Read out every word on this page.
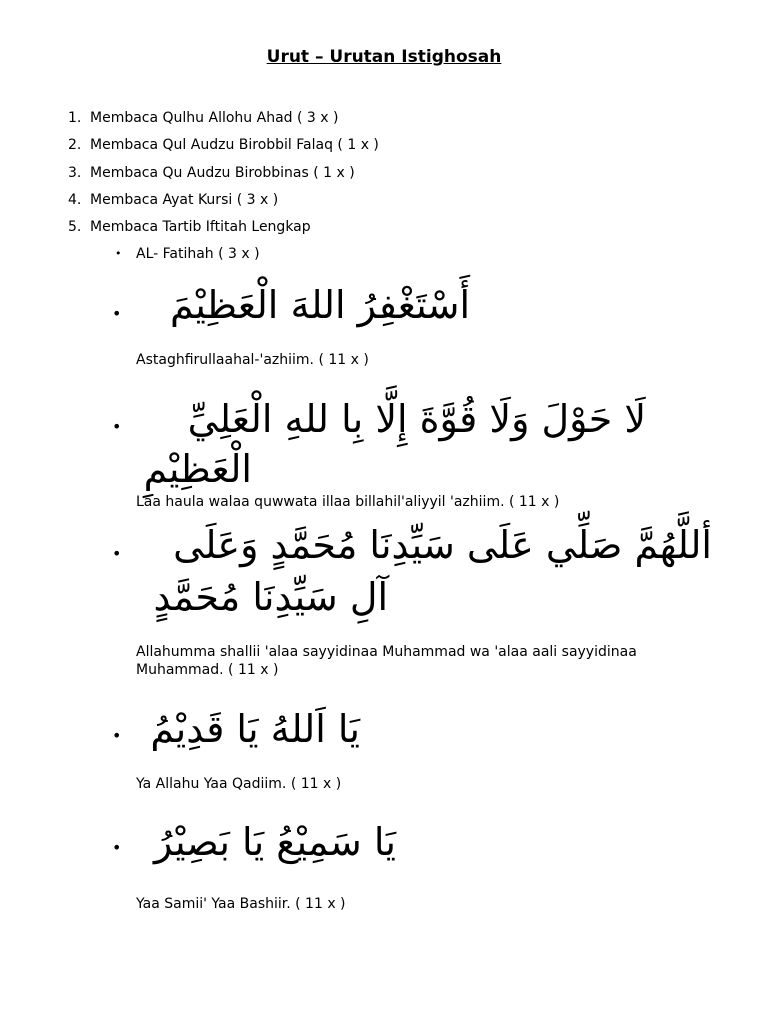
Urut – Urutan Istighosah
1. Membaca Qulhu Allohu Ahad ( 3 x )
2. Membaca Qul Audzu Birobbil Falaq ( 1 x )
3. Membaca Qu Audzu Birobbinas ( 1 x )
4. Membaca Ayat Kursi ( 3 x )
5. Membaca Tartib Iftitah Lengkap
• AL- Fatihah ( 3 x )
• أَسْتَغْفِرُ اللهَ الْعَظِيْمَ
Astaghfirullaahal-'azhiim. ( 11 x )
• لَا حَوْلَ وَلَا قُوَّةَ إِلَّا بِا للهِ الْعَلِيِّ
الْعَظِيْمِ
Laa haula walaa quwwata illaa billahil'aliyyil 'azhiim. ( 11 x )
• أللَّهُمَّ صَلِّي عَلَى سَيِّدِنَا مُحَمَّدٍ وَعَلَى
آلِ سَيِّدِنَا مُحَمَّدٍ
Allahumma shallii 'alaa sayyidinaa Muhammad wa 'alaa aali sayyidinaa Muhammad. ( 11 x )
• يَا اَللهُ يَا قَدِيْمُ
Ya Allahu Yaa Qadiim. ( 11 x )
• يَا سَمِيْعُ يَا بَصِيْرُ
Yaa Samii' Yaa Bashiir. ( 11 x )
